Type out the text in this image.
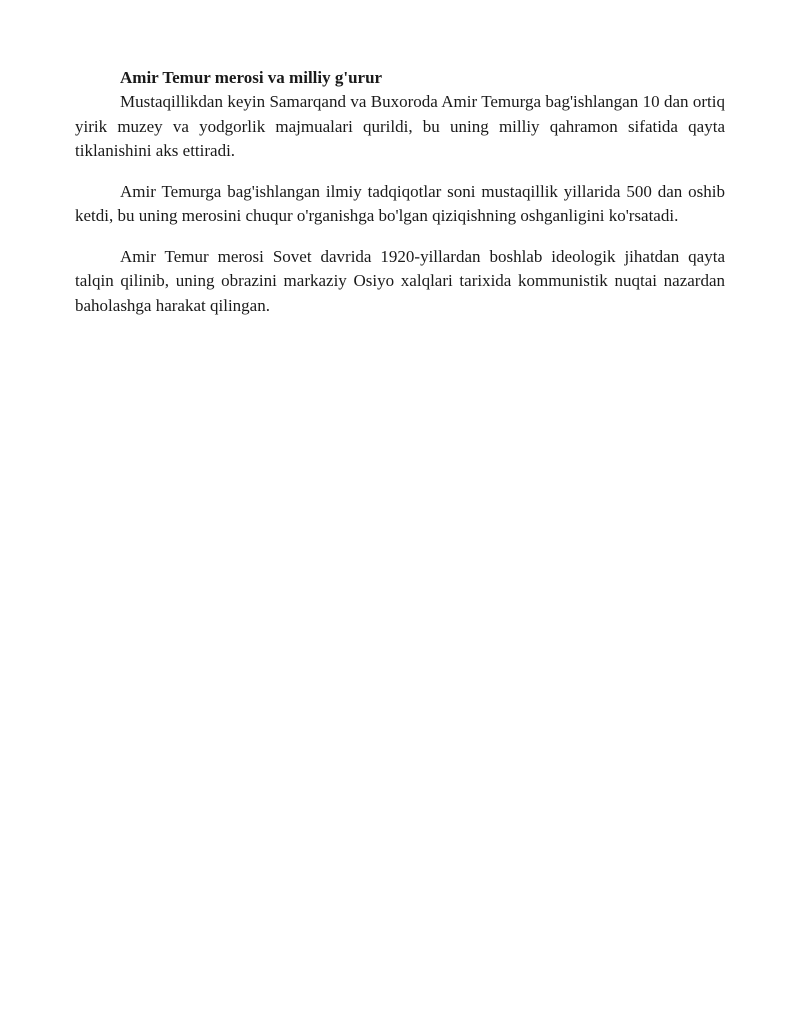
Amir Temur merosi va milliy g'urur

Mustaqillikdan keyin Samarqand va Buxoroda Amir Temurga bag'ishlangan 10 dan ortiq yirik muzey va yodgorlik majmualari qurildi, bu uning milliy qahramon sifatida qayta tiklanishini aks ettiradi.

Amir Temurga bag'ishlangan ilmiy tadqiqotlar soni mustaqillik yillarida 500 dan oshib ketdi, bu uning merosini chuqur o'rganishga bo'lgan qiziqishning oshganligini ko'rsatadi.

Amir Temur merosi Sovet davrida 1920-yillardan boshlab ideologik jihatdan qayta talqin qilinib, uning obrazini markaziy Osiyo xalqlari tarixida kommunistik nuqtai nazardan baholashga harakat qilingan.
